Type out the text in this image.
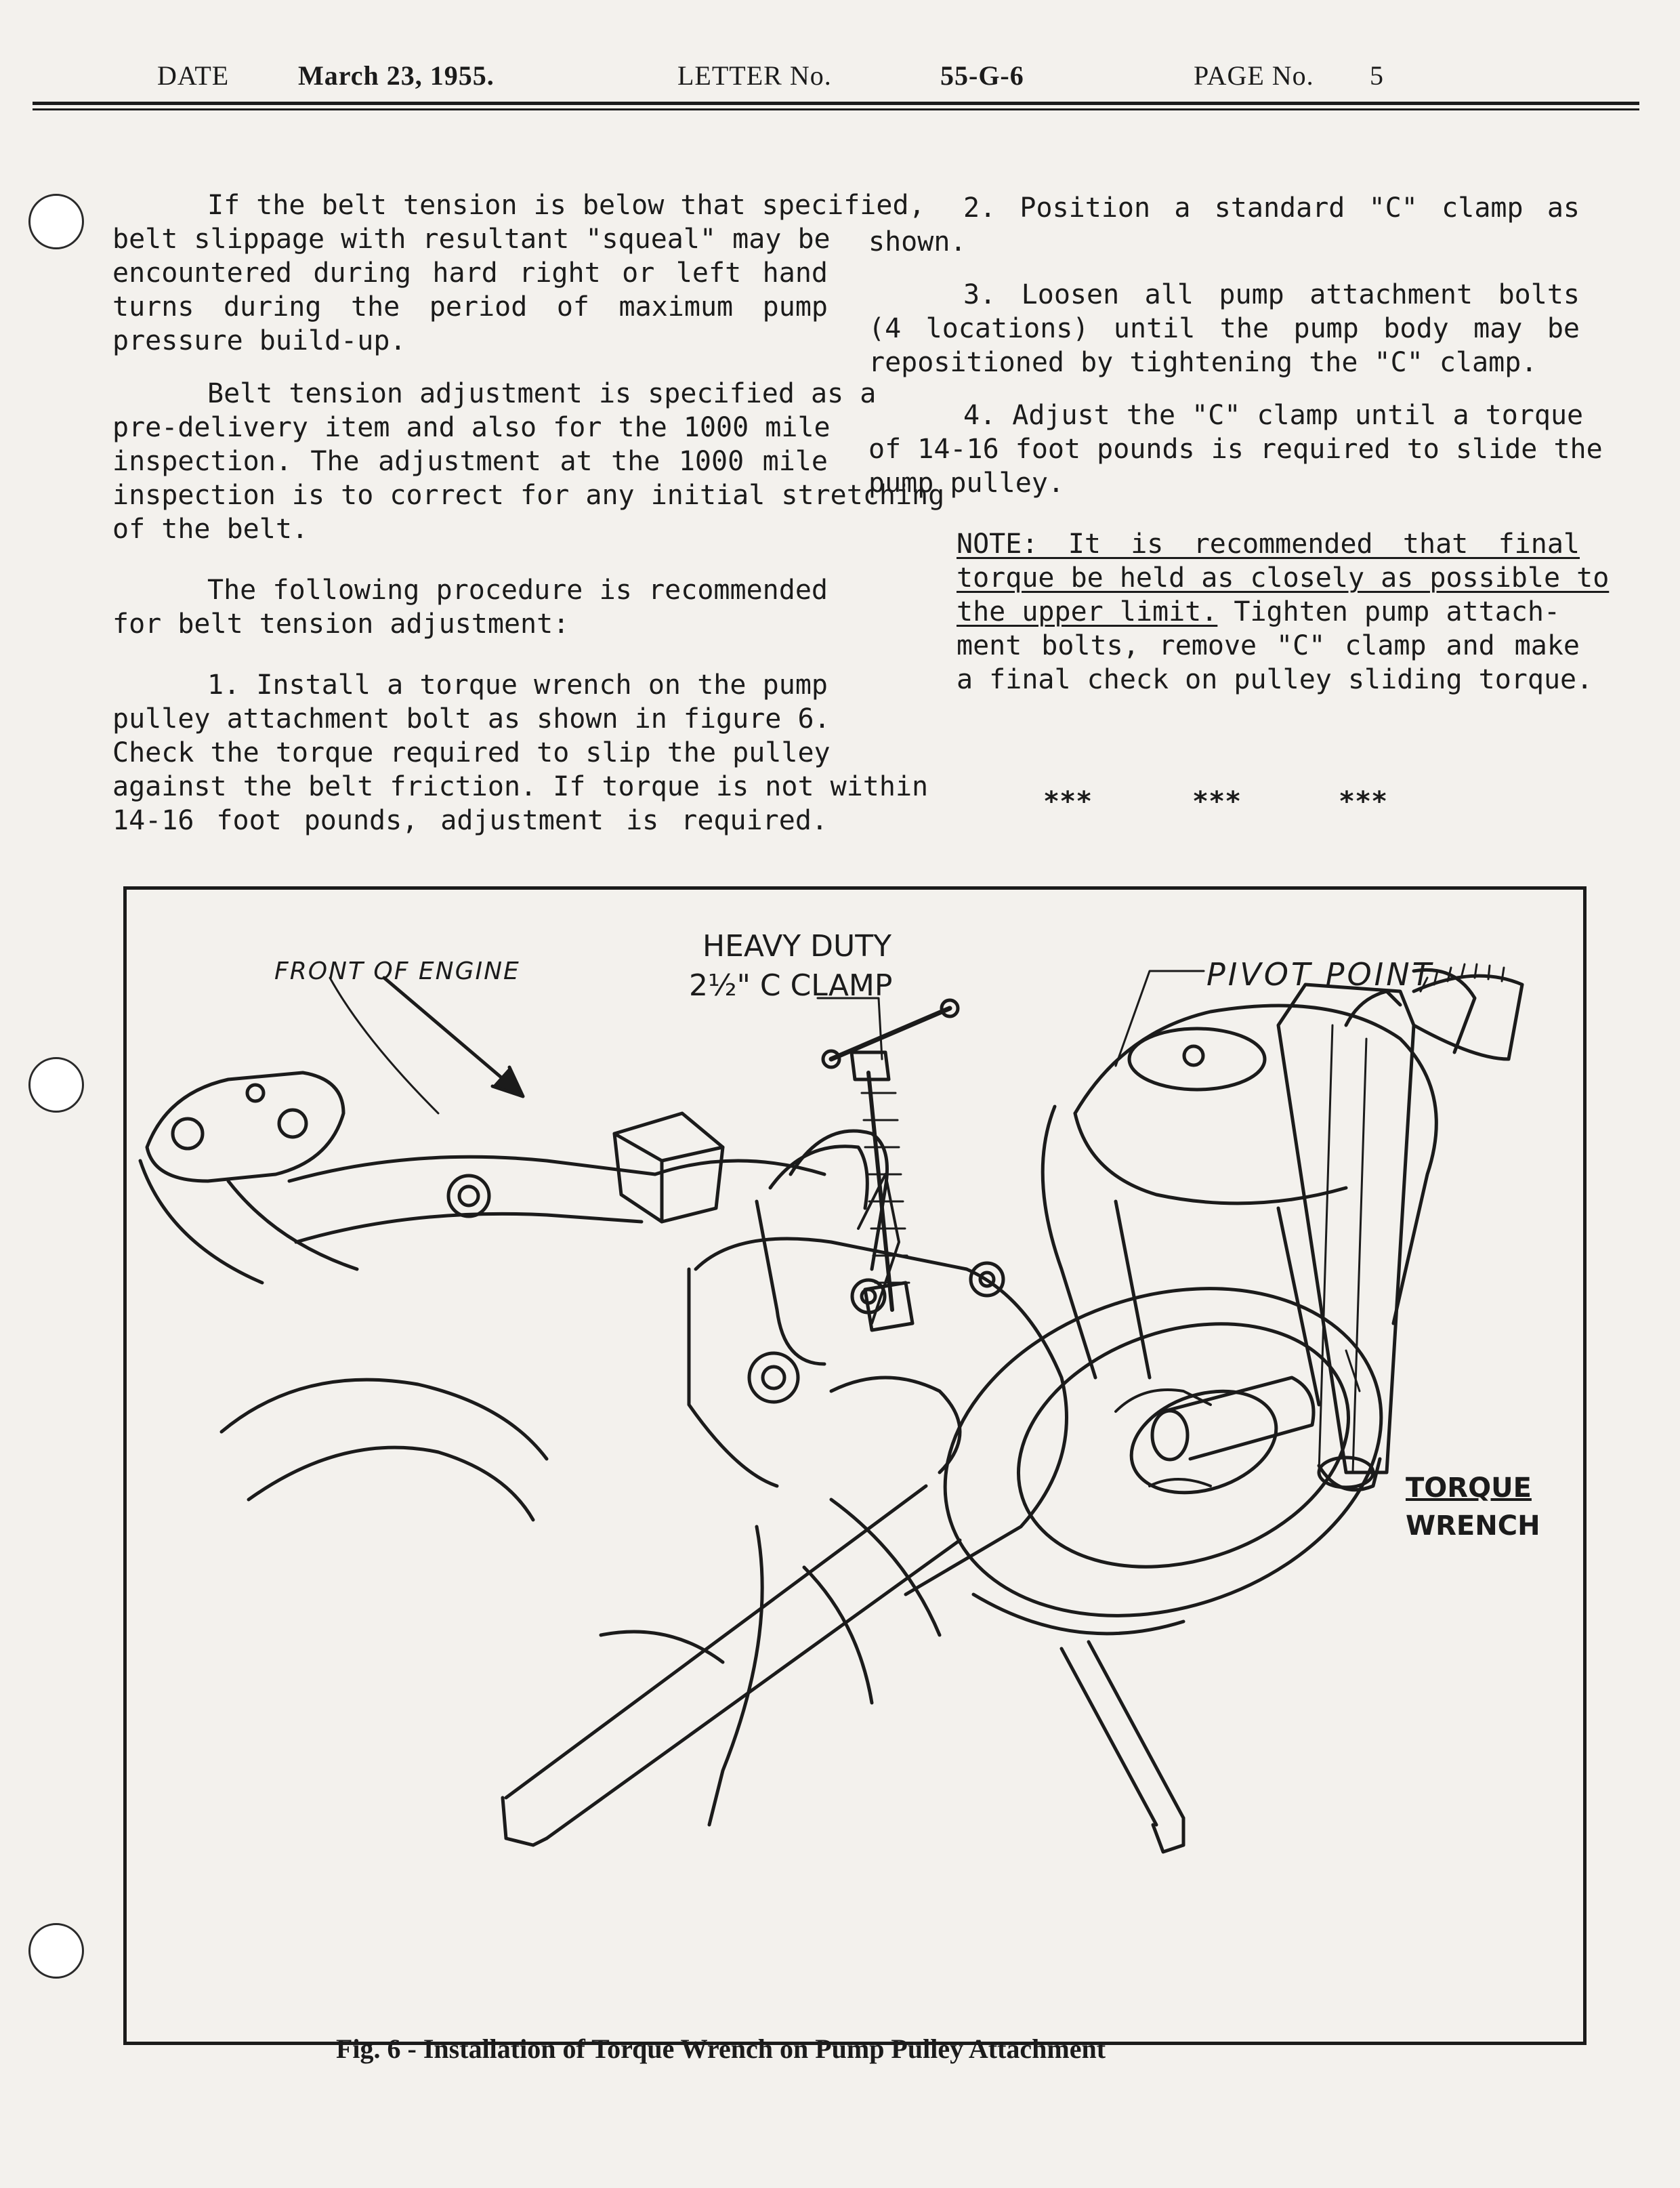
DATE	March 23, 1955.	LETTER No.	55-G-6	PAGE No. 5
If the belt tension is below that specified,
belt slippage with resultant "squeal" may be
encountered during hard right or left hand
turns during the period of maximum pump
pressure build-up.
Belt tension adjustment is specified as a
pre-delivery item and also for the 1000 mile
inspection. The adjustment at the 1000 mile
inspection is to correct for any initial stretching
of the belt.
The following procedure is recommended
for belt tension adjustment:
1. Install a torque wrench on the pump
pulley attachment bolt as shown in figure 6.
Check the torque required to slip the pulley
against the belt friction. If torque is not within
14-16 foot pounds, adjustment is required.
2. Position a standard "C" clamp as
shown.
3. Loosen all pump attachment bolts
(4 locations) until the pump body may be
repositioned by tightening the "C" clamp.
4. Adjust the "C" clamp until a torque
of 14-16 foot pounds is required to slide the
pump pulley.
NOTE: It is recommended that final
torque be held as closely as possible to
the upper limit. Tighten pump attach-
ment bolts, remove "C" clamp and make
a final check on pulley sliding torque.
***	***	***
FRONT OF ENGINE
HEAVY DUTY
2½" C CLAMP	PIVOT POINT
TORQUE
WRENCH
Fig. 6 - Installation of Torque Wrench on Pump Pulley Attachment
